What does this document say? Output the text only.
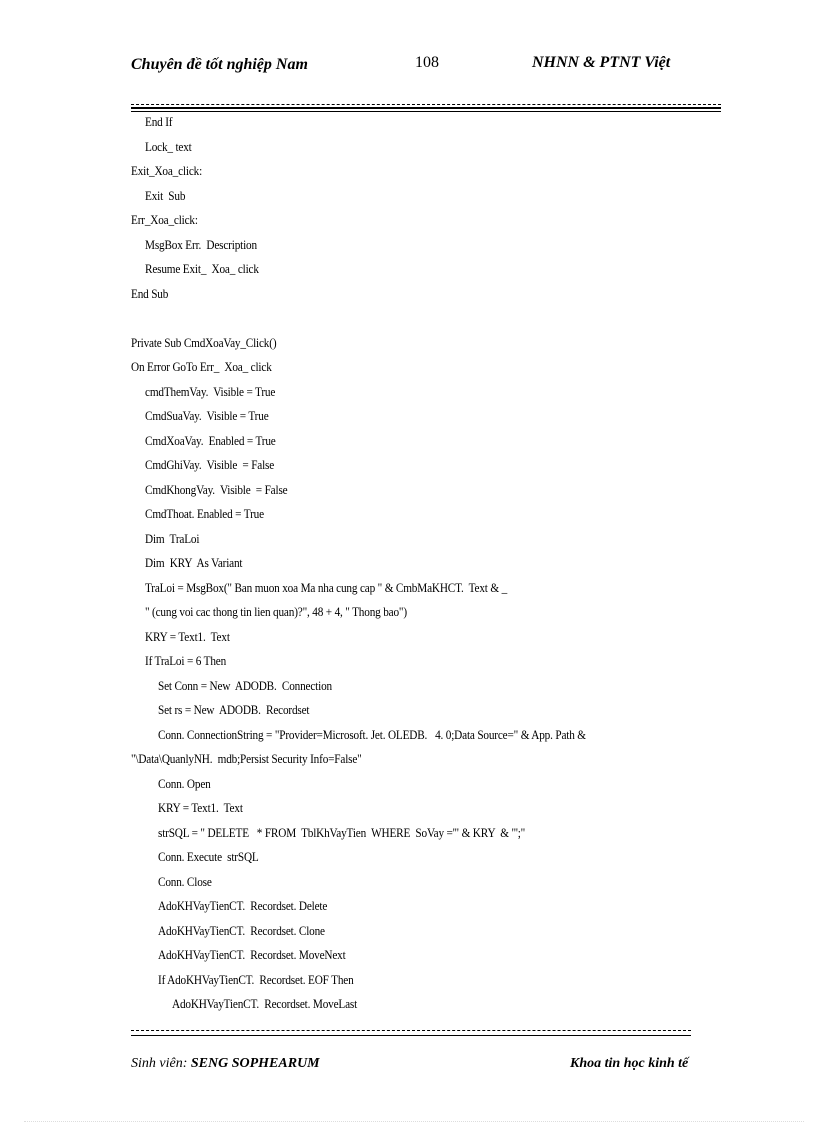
Chuyên đề tốt nghiệp Nam	108	NHNN & PTNT Việt
End If
Lock_ text
Exit_Xoa_click:
Exit  Sub
Err_Xoa_click:
MsgBox Err.  Description
Resume Exit_  Xoa_ click
End Sub
Private Sub CmdXoaVay_Click()
On Error GoTo Err_  Xoa_ click
cmdThemVay.  Visible = True
CmdSuaVay.  Visible = True
CmdXoaVay.  Enabled = True
CmdGhiVay.  Visible  = False
CmdKhongVay.  Visible  = False
CmdThoat. Enabled = True
Dim  TraLoi
Dim  KRY  As Variant
TraLoi = MsgBox(" Ban muon xoa Ma nha cung cap " & CmbMaKHCT.  Text & _
" (cung voi cac thong tin lien quan)?", 48 + 4, " Thong bao")
KRY = Text1.  Text
If TraLoi = 6 Then
Set Conn = New  ADODB.  Connection
Set rs = New  ADODB.  Recordset
Conn. ConnectionString = "Provider=Microsoft. Jet. OLEDB.   4. 0;Data Source=" & App. Path &
"\Data\QuanlyNH.  mdb;Persist Security Info=False"
Conn. Open
KRY = Text1.  Text
strSQL = " DELETE   * FROM  TblKhVayTien  WHERE  SoVay ='" & KRY  & "';"
Conn. Execute  strSQL
Conn. Close
AdoKHVayTienCT.  Recordset. Delete
AdoKHVayTienCT.  Recordset. Clone
AdoKHVayTienCT.  Recordset. MoveNext
If AdoKHVayTienCT.  Recordset. EOF Then
AdoKHVayTienCT.  Recordset. MoveLast
Sinh viên: SENG SOPHEARUM	Khoa tin học kinh tế
